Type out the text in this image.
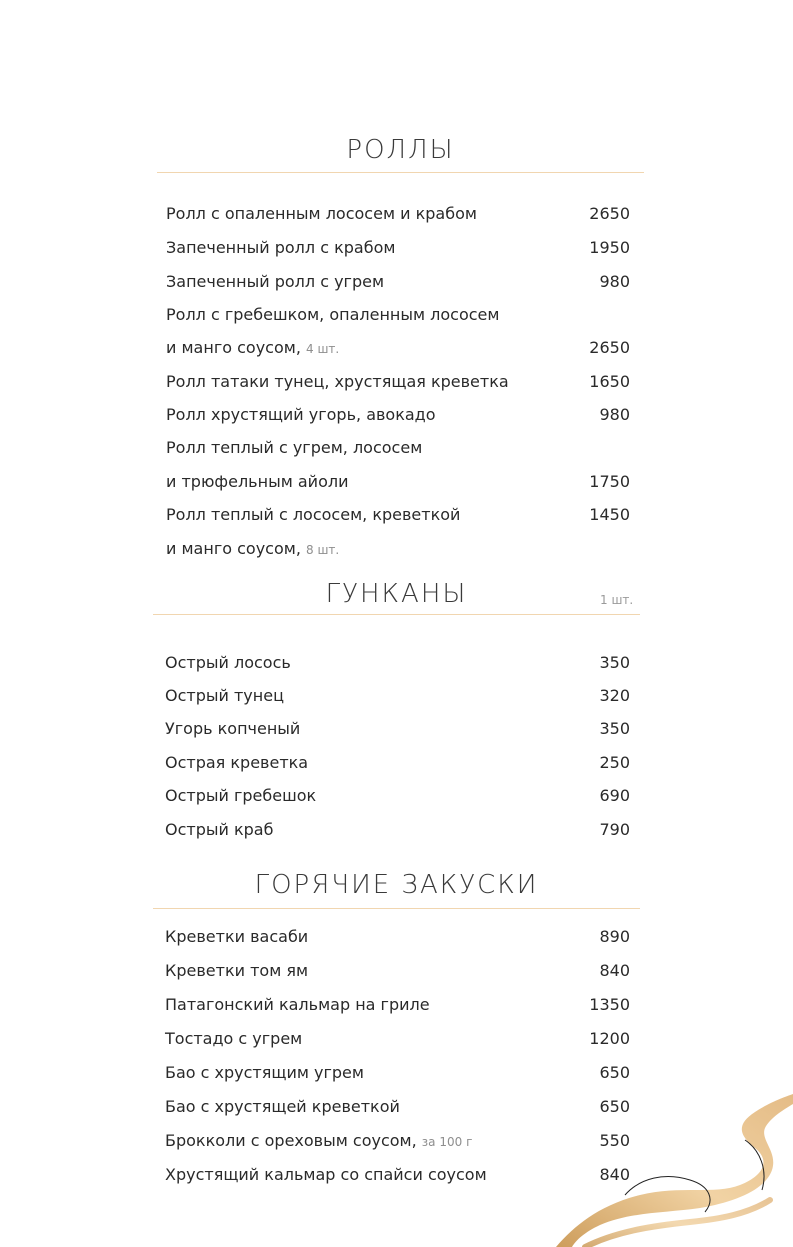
РОЛЛЫ
Ролл с опаленным лососем и крабом	2650
Запеченный ролл с крабом	1950
Запеченный ролл с угрем	980
Ролл с гребешком, опаленным лососем
и манго соусом, 4 шт.	2650
Ролл татаки тунец, хрустящая креветка	1650
Ролл хрустящий угорь, авокадо	980
Ролл теплый с угрем, лососем
и трюфельным айоли	1750
Ролл теплый с лососем, креветкой	1450
и манго соусом, 8 шт.
ГУНКАНЫ	1 шт.
Острый лосось	350
Острый тунец	320
Угорь копченый	350
Острая креветка	250
Острый гребешок	690
Острый краб	790
ГОРЯЧИЕ ЗАКУСКИ
Креветки васаби	890
Креветки том ям	840
Патагонский кальмар на гриле	1350
Тостадо с угрем	1200
Бао с хрустящим угрем	650
Бао с хрустящей креветкой	650
Брокколи с ореховым соусом, за 100 г	550
Хрустящий кальмар со спайси соусом	840
